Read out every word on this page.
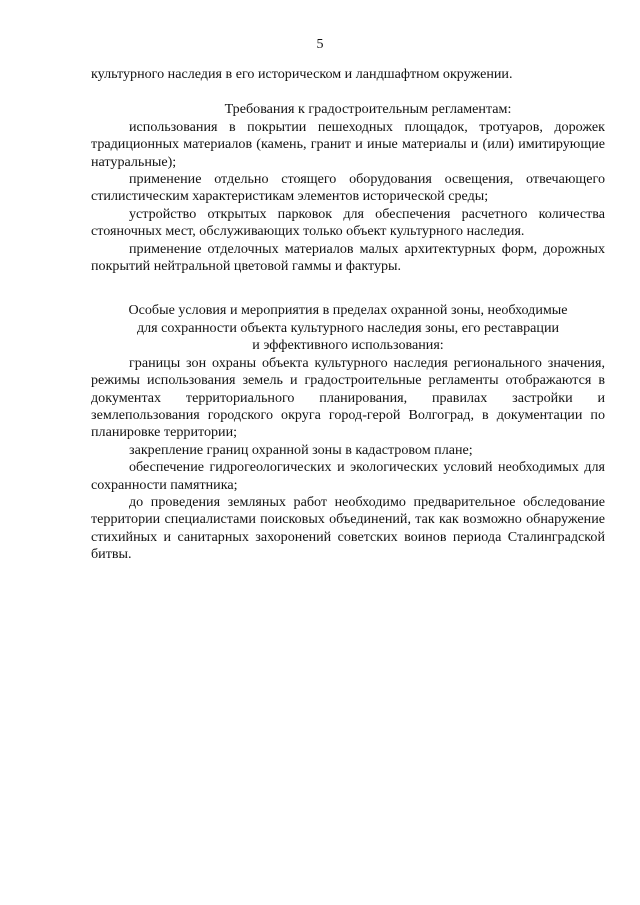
5

культурного наследия в его историческом и ландшафтном окружении.

Требования к градостроительным регламентам:

использования в покрытии пешеходных площадок, тротуаров, дорожек традиционных материалов (камень, гранит и иные материалы и (или) имитирующие натуральные);

применение отдельно стоящего оборудования освещения, отвечающего стилистическим характеристикам элементов исторической среды;

устройство открытых парковок для обеспечения расчетного количества стояночных мест, обслуживающих только объект культурного наследия.

применение отделочных материалов малых архитектурных форм, дорожных покрытий нейтральной цветовой гаммы и фактуры.

Особые условия и мероприятия в пределах охранной зоны, необходимые
для сохранности объекта культурного наследия зоны, его реставрации
и эффективного использования:

границы зон охраны объекта культурного наследия регионального значения, режимы использования земель и градостроительные регламенты отображаются в документах территориального планирования, правилах застройки и землепользования городского округа город-герой Волгоград, в документации по планировке территории;

закрепление границ охранной зоны в кадастровом плане;

обеспечение гидрогеологических и экологических условий необходимых для сохранности памятника;

до проведения земляных работ необходимо предварительное обследование территории специалистами поисковых объединений, так как возможно обнаружение стихийных и санитарных захоронений советских воинов периода Сталинградской битвы.
